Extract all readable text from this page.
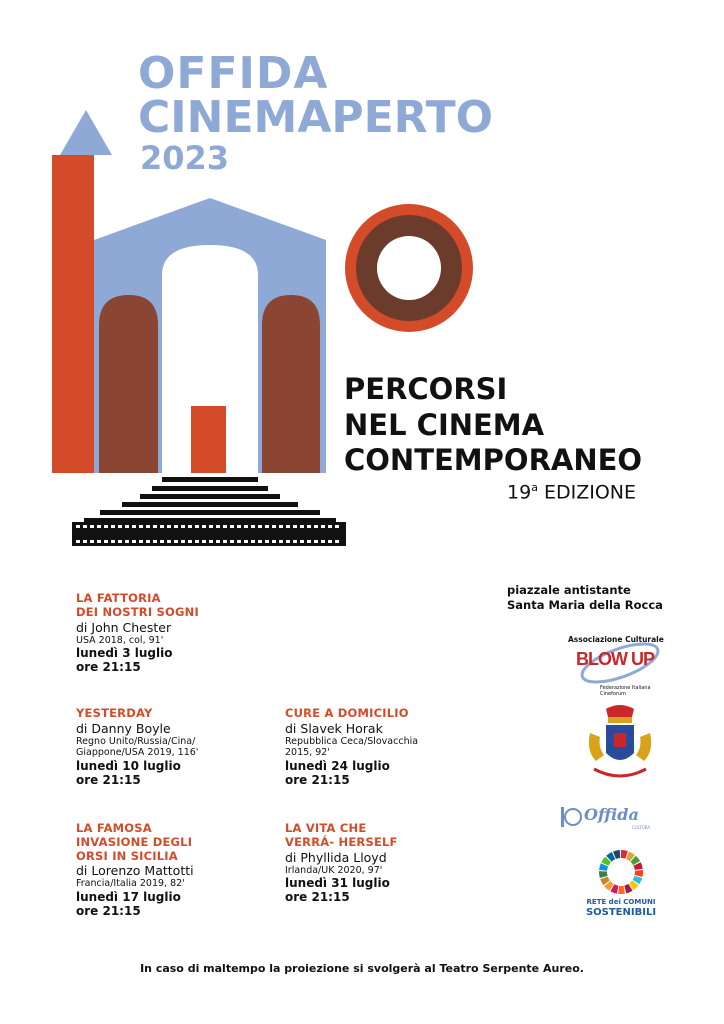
OFFIDA
CINEMAPERTO
2023
PERCORSI
NEL CINEMA
CONTEMPORANEO
19$^a$ EDIZIONE
LA FATTORIA
DEI NOSTRI SOGNI
di John Chester
USA 2018, col, 91'
lunedì 3 luglio
ore 21:15
YESTERDAY
di Danny Boyle
Regno Unito/Russia/Cina/
Giappone/USA 2019, 116'
lunedì 10 luglio
ore 21:15
CURE A DOMICILIO
di Slavek Horak
Repubblica Ceca/Slovacchia
2015, 92'
lunedì 24 luglio
ore 21:15
LA FAMOSA
INVASIONE DEGLI
ORSI IN SICILIA
di Lorenzo Mattotti
Francia/Italia 2019, 82'
lunedì 17 luglio
ore 21:15
LA VITA CHE
VERRÁ- HERSELF
di Phyllida Lloyd
Irlanda/UK 2020, 97'
lunedì 31 luglio
ore 21:15
piazzale antistante
Santa Maria della Rocca
Associazione Culturale
BLOW UP
Federazione Italiana Cineforum
Offida
CULTURA
RETE dei COMUNI
SOSTENIBILI
In caso di maltempo la proiezione si svolgerà al Teatro Serpente Aureo.
